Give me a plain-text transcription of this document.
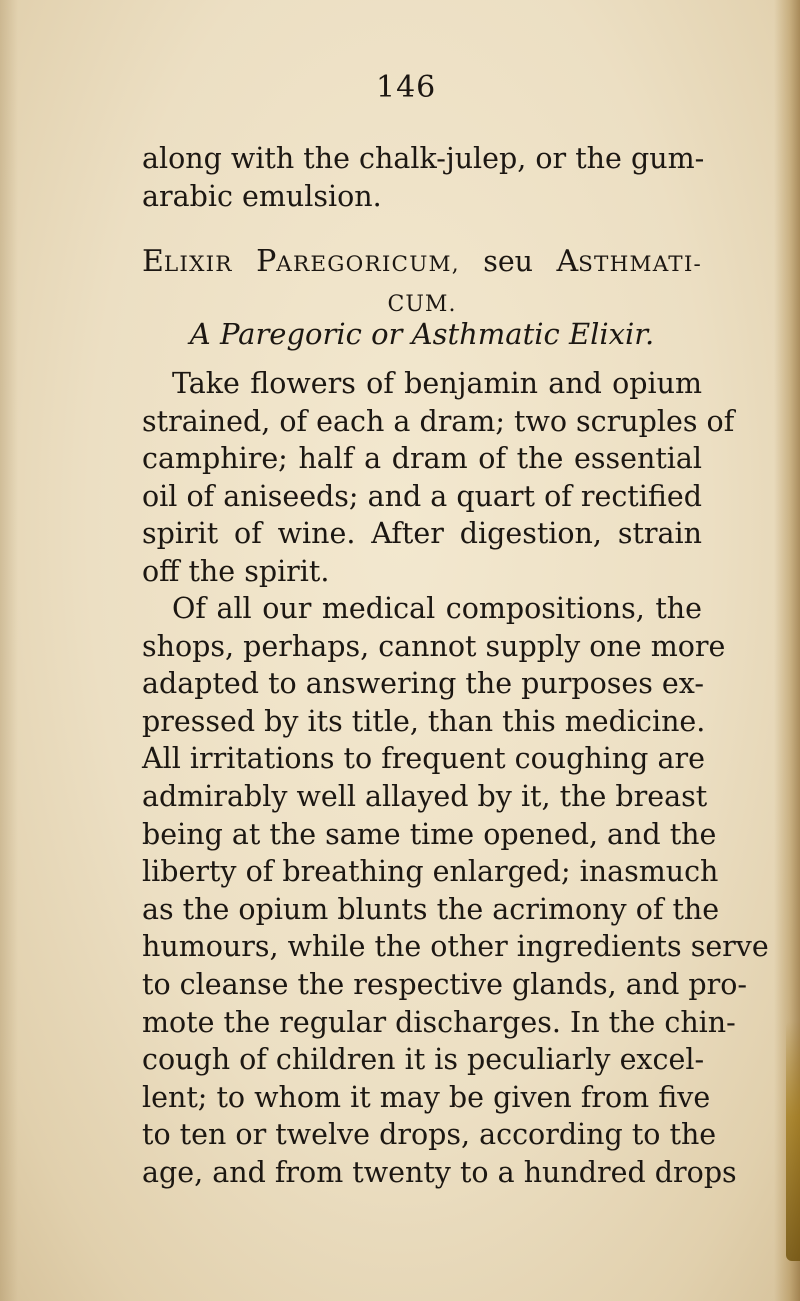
146
along with the chalk-julep, or the gum-
arabic emulsion.
ELIXIR PAREGORICUM, seu ASTHMATI-
CUM.
A Paregoric or Asthmatic Elixir.
Take flowers of benjamin and opium
strained, of each a dram; two scruples of
camphire; half a dram of the essential
oil of aniseeds; and a quart of rectified
spirit of wine. After digestion, strain
off the spirit.
Of all our medical compositions, the
shops, perhaps, cannot supply one more
adapted to answering the purposes ex-
pressed by its title, than this medicine.
All irritations to frequent coughing are
admirably well allayed by it, the breast
being at the same time opened, and the
liberty of breathing enlarged; inasmuch
as the opium blunts the acrimony of the
humours, while the other ingredients serve
to cleanse the respective glands, and pro-
mote the regular discharges. In the chin-
cough of children it is peculiarly excel-
lent; to whom it may be given from five
to ten or twelve drops, according to the
age, and from twenty to a hundred drops
